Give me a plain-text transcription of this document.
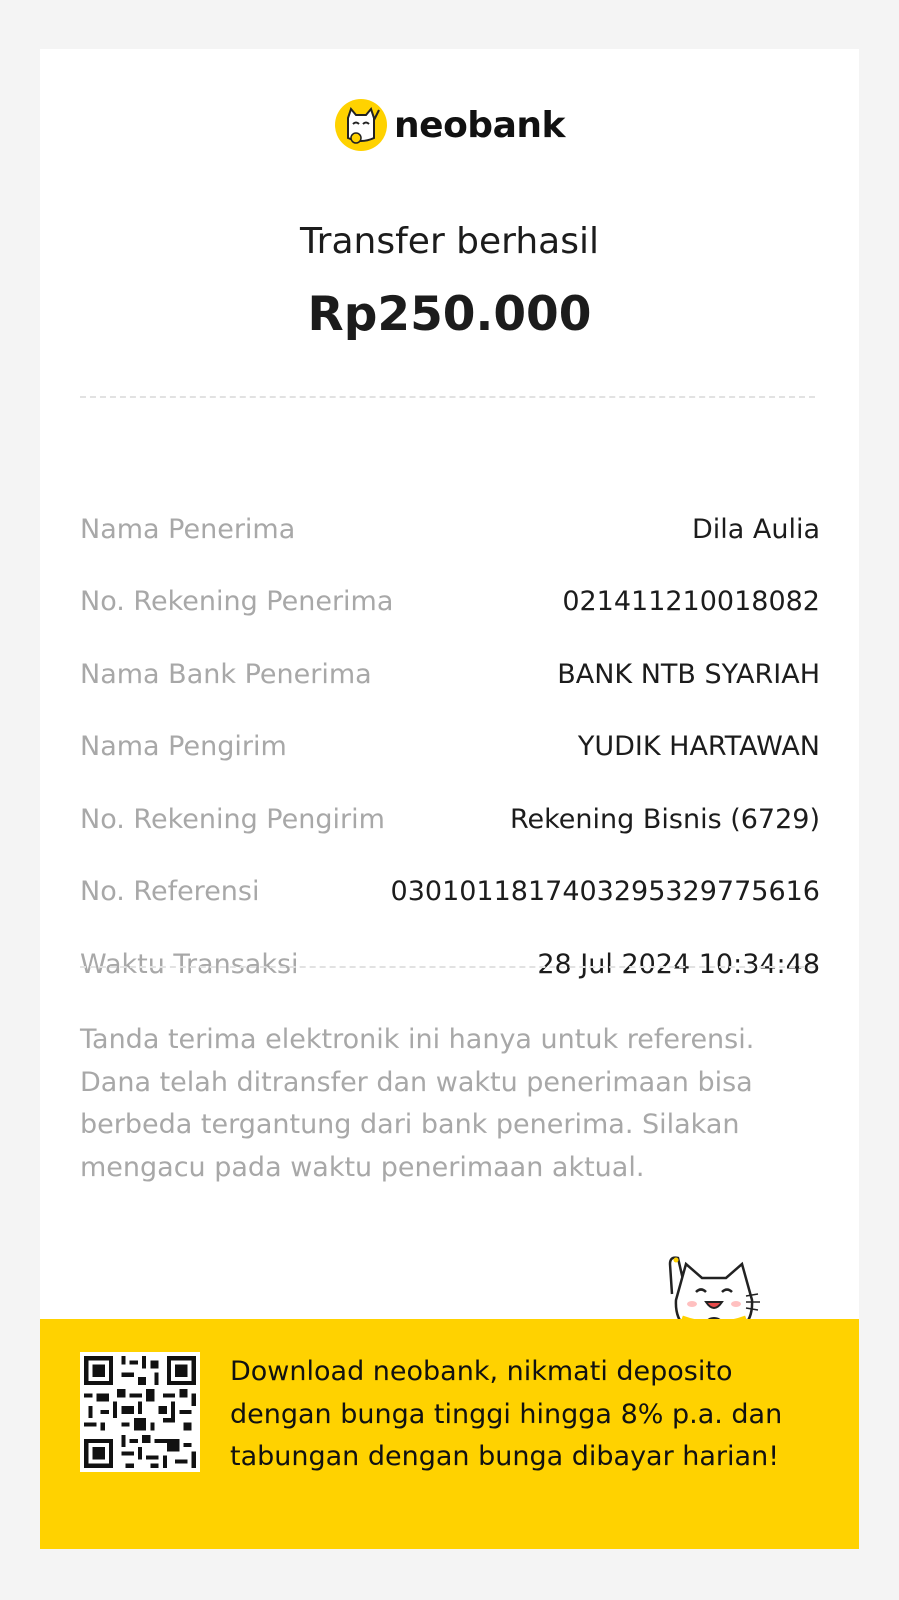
neobank
Transfer berhasil
Rp250.000
Nama Penerima	Dila Aulia
No. Rekening Penerima	021411210018082
Nama Bank Penerima	BANK NTB SYARIAH
Nama Pengirim	YUDIK HARTAWAN
No. Rekening Pengirim	Rekening Bisnis (6729)
No. Referensi	030101181740329532977561​6
Waktu Transaksi	28 Jul 2024 10:34:48
Tanda terima elektronik ini hanya untuk referensi. Dana telah ditransfer dan waktu penerimaan bisa berbeda tergantung dari bank penerima. Silakan mengacu pada waktu penerimaan aktual.
Download neobank, nikmati deposito dengan bunga tinggi hingga 8% p.a. dan tabungan dengan bunga dibayar harian!
